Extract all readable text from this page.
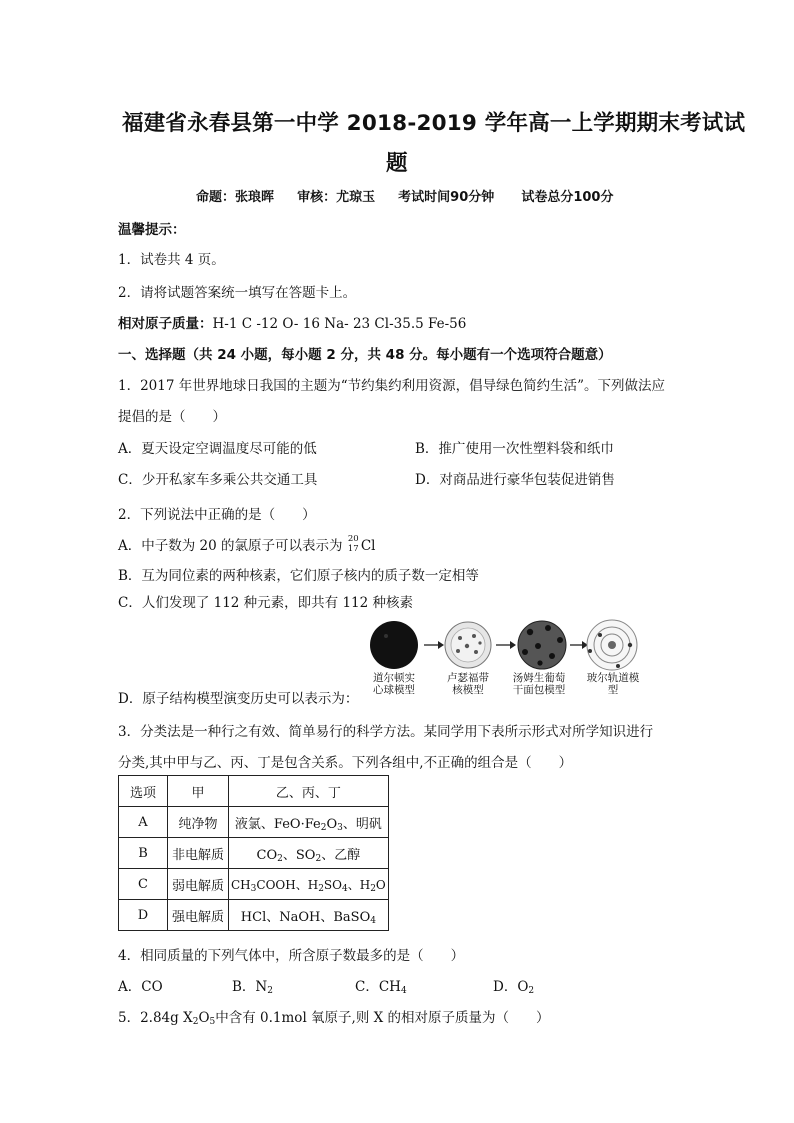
福建省永春县第一中学 2018-2019 学年高一上学期期末考试试
题
命题：张琅晖 审核：尤琼玉 考试时间90分钟 试卷总分100分
温馨提示：
1．试卷共 4 页。
2．请将试题答案统一填写在答题卡上。
相对原子质量：H-1 C -12 O- 16 Na- 23 Cl-35.5 Fe-56
一、选择题（共 24 小题，每小题 2 分，共 48 分。每小题有一个选项符合题意）
1．2017 年世界地球日我国的主题为“节约集约利用资源，倡导绿色简约生活”。下列做法应
提倡的是（　　）
A．夏天设定空调温度尽可能的低	B．推广使用一次性塑料袋和纸巾
C．少开私家车多乘公共交通工具	D．对商品进行豪华包装促进销售
2．下列说法中正确的是（　　）
A．中子数为 20 的氯原子可以表示为 20
17 Cl
B．互为同位素的两种核素，它们原子核内的质子数一定相等
C．人们发现了 112 种元素，即共有 112 种核素
D．原子结构模型演变历史可以表示为：
道尔顿实
心球模型
卢瑟福带
核模型
汤姆生葡萄
干面包模型
玻尔轨道模
型
3．分类法是一种行之有效、简单易行的科学方法。某同学用下表所示形式对所学知识进行
分类,其中甲与乙、丙、丁是包含关系。下列各组中,不正确的组合是（　　）
选项	甲	乙、丙、丁
A	纯净物	液氯、$FeO\cdot Fe_2O_3$、明矾
B	非电解质	$CO_2$、$SO_2$、乙醇
C	弱电解质	$CH_3COOH$、$H_2SO_4$、$H_2O$
D	强电解质	HCl、NaOH、BaSO$_4$
4．相同质量的下列气体中，所含原子数最多的是（　　）
A．CO	B．$N_2$	C．$CH_4$	D．$O_2$
5．2.84g $X_2O_5$中含有 0.1mol 氧原子,则 X 的相对原子质量为（　　）
